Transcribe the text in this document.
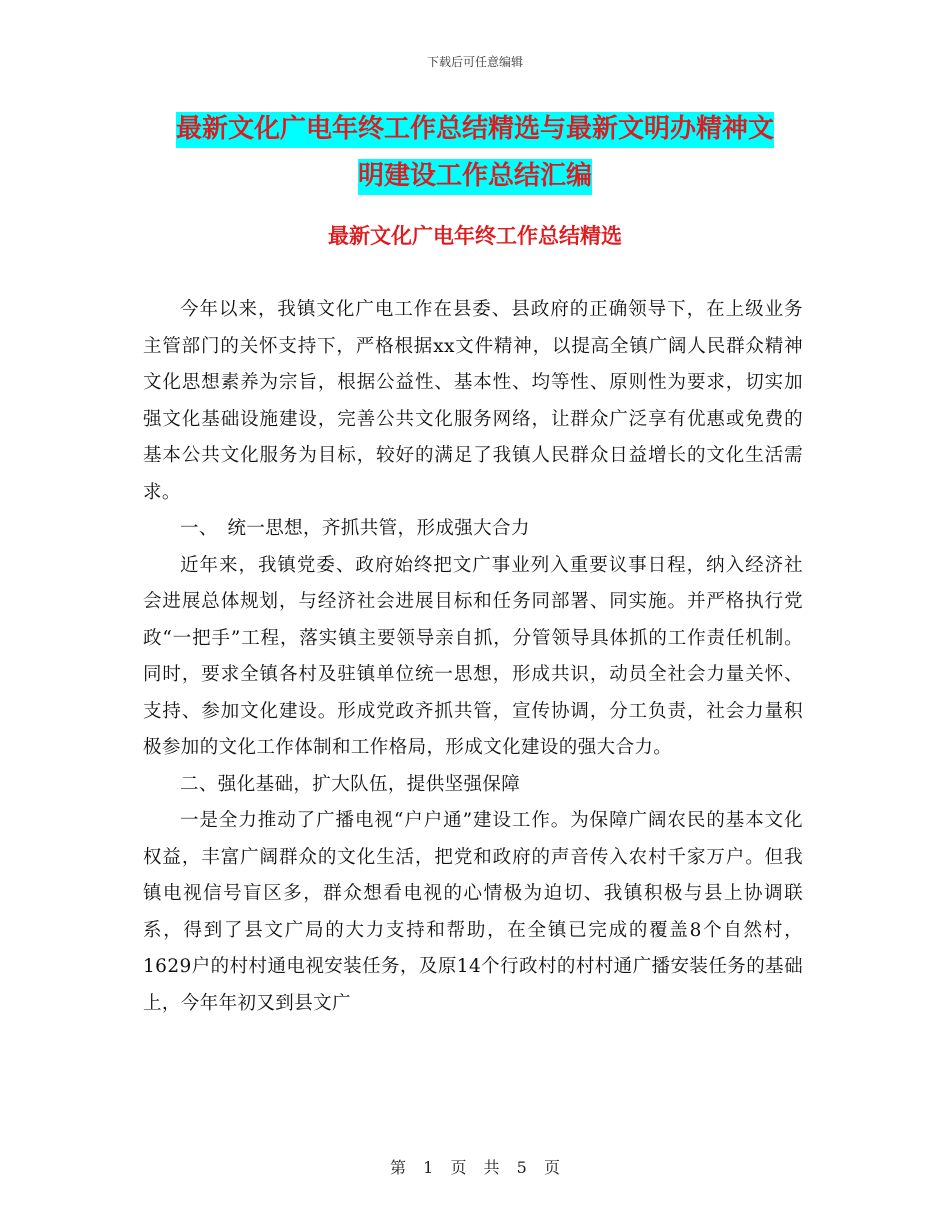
下载后可任意编辑
最新文化广电年终工作总结精选与最新文明办精神文
明建设工作总结汇编
最新文化广电年终工作总结精选

今年以来，我镇文化广电工作在县委、县政府的正确领导下，在上级业务主管部门的关怀支持下，严格根据xx文件精神，以提高全镇广阔人民群众精神文化思想素养为宗旨，根据公益性、基本性、均等性、原则性为要求，切实加强文化基础设施建设，完善公共文化服务网络，让群众广泛享有优惠或免费的基本公共文化服务为目标，较好的满足了我镇人民群众日益增长的文化生活需求。

一、　统一思想，齐抓共管，形成强大合力

近年来，我镇党委、政府始终把文广事业列入重要议事日程，纳入经济社会进展总体规划，与经济社会进展目标和任务同部署、同实施。并严格执行党政“一把手”工程，落实镇主要领导亲自抓，分管领导具体抓的工作责任机制。同时，要求全镇各村及驻镇单位统一思想，形成共识，动员全社会力量关怀、支持、参加文化建设。形成党政齐抓共管，宣传协调，分工负责，社会力量积极参加的文化工作体制和工作格局，形成文化建设的强大合力。

二、强化基础，扩大队伍，提供坚强保障

一是全力推动了广播电视“户户通”建设工作。为保障广阔农民的基本文化权益，丰富广阔群众的文化生活，把党和政府的声音传入农村千家万户。但我镇电视信号盲区多，群众想看电视的心情极为迫切、我镇积极与县上协调联系，得到了县文广局的大力支持和帮助，在全镇已完成的覆盖8个自然村，1629户的村村通电视安装任务，及原14个行政村的村村通广播安装任务的基础上，今年年初又到县文广

第 1 页 共 5 页
